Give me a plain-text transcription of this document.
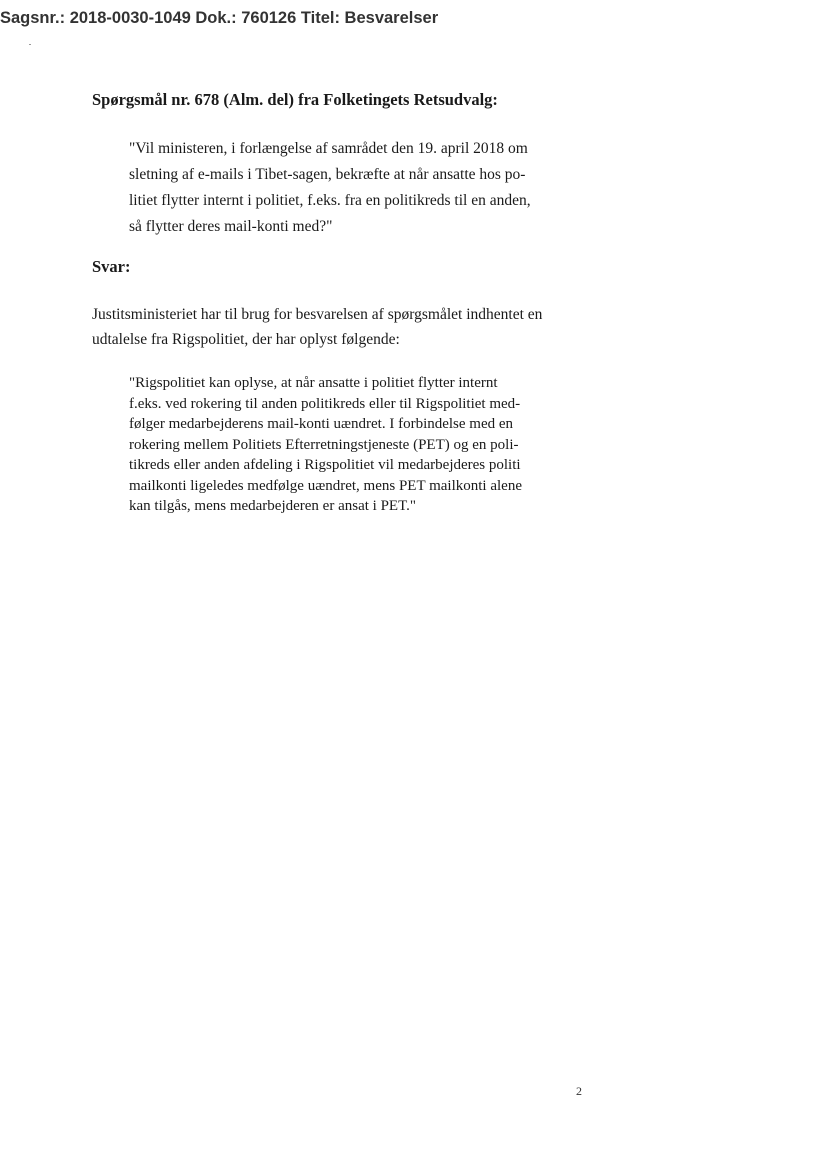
Sagsnr.: 2018-0030-1049 Dok.: 760126 Titel: Besvarelser
Spørgsmål nr. 678 (Alm. del) fra Folketingets Retsudvalg:
"Vil ministeren, i forlængelse af samrådet den 19. april 2018 om
sletning af e-mails i Tibet-sagen, bekræfte at når ansatte hos po-
litiet flytter internt i politiet, f.eks. fra en politikreds til en anden,
så flytter deres mail-konti med?"
Svar:
Justitsministeriet har til brug for besvarelsen af spørgsmålet indhentet en
udtalelse fra Rigspolitiet, der har oplyst følgende:
"Rigspolitiet kan oplyse, at når ansatte i politiet flytter internt
f.eks. ved rokering til anden politikreds eller til Rigspolitiet med-
følger medarbejderens mail-konti uændret. I forbindelse med en
rokering mellem Politiets Efterretningstjeneste (PET) og en poli-
tikreds eller anden afdeling i Rigspolitiet vil medarbejderes politi
mailkonti ligeledes medfølge uændret, mens PET mailkonti alene
kan tilgås, mens medarbejderen er ansat i PET."
2
